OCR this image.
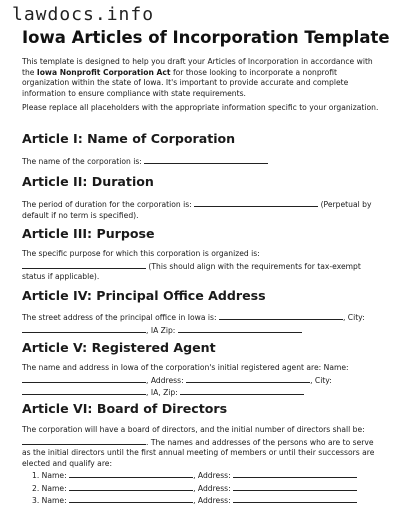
lawdocs.info
Iowa Articles of Incorporation Template
This template is designed to help you draft your Articles of Incorporation in accordance with the Iowa Nonprofit Corporation Act for those looking to incorporate a nonprofit organization within the state of Iowa. It's important to provide accurate and complete information to ensure compliance with state requirements.
Please replace all placeholders with the appropriate information specific to your organization.
Article I: Name of Corporation
The name of the corporation is:
Article II: Duration
The period of duration for the corporation is:	(Perpetual by default if no term is specified).
Article III: Purpose
The specific purpose for which this corporation is organized is:
(This should align with the requirements for tax-exempt status if applicable).
Article IV: Principal Office Address
The street address of the principal office in Iowa is:	, City:
, IA Zip:
Article V: Registered Agent
The name and address in Iowa of the corporation's initial registered agent are: Name:
, Address:	, City:
, IA, Zip:
Article VI: Board of Directors
The corporation will have a board of directors, and the initial number of directors shall be:
. The names and addresses of the persons who are to serve as the initial directors until the first annual meeting of members or until their successors are elected and qualify are:
1. Name:	, Address:
2. Name:	, Address:
3. Name:	, Address:
